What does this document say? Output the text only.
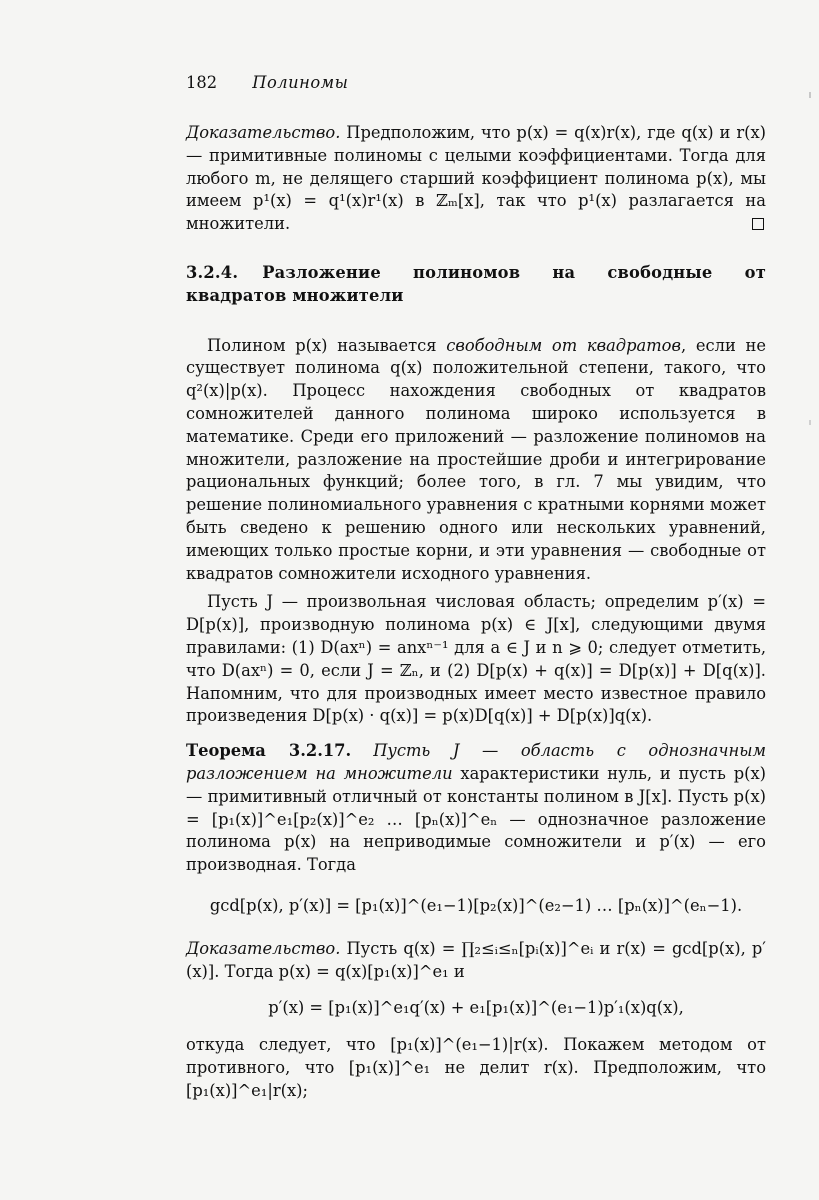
182 Полиномы

Доказательство. Предположим, что p(x) = q(x)r(x), где q(x) и r(x) — примитивные полиномы с целыми коэффициентами. Тогда для любого m, не делящего старший коэффициент полинома p(x), мы имеем p¹(x) = q¹(x)r¹(x) в ℤₘ[x], так что p¹(x) разлагается на множители.

3.2.4. Разложение полиномов на свободные от квадратов множители

Полином p(x) называется свободным от квадратов, если не существует полинома q(x) положительной степени, такого, что q²(x)|p(x). Процесс нахождения свободных от квадратов сомножителей данного полинома широко используется в математике. Среди его приложений — разложение полиномов на множители, разложение на простейшие дроби и интегрирование рациональных функций; более того, в гл. 7 мы увидим, что решение полиномиального уравнения с кратными корнями может быть сведено к решению одного или нескольких уравнений, имеющих только простые корни, и эти уравнения — свободные от квадратов сомножители исходного уравнения.

Пусть J — произвольная числовая область; определим p′(x) = D[p(x)], производную полинома p(x) ∈ J[x], следующими двумя правилами: (1) D(axⁿ) = anxⁿ⁻¹ для a ∈ J и n ⩾ 0; следует отметить, что D(axⁿ) = 0, если J = ℤₙ, и (2) D[p(x) + q(x)] = D[p(x)] + D[q(x)]. Напомним, что для производных имеет место известное правило произведения D[p(x) · q(x)] = p(x)D[q(x)] + D[p(x)]q(x).

Теорема 3.2.17. Пусть J — область с однозначным разложением на множители характеристики нуль, и пусть p(x) — примитивный отличный от константы полином в J[x]. Пусть p(x) = [p₁(x)]^e₁[p₂(x)]^e₂ … [pₙ(x)]^eₙ — однозначное разложение полинома p(x) на неприводимые сомножители и p′(x) — его производная. Тогда

gcd[p(x), p′(x)] = [p₁(x)]^(e₁−1)[p₂(x)]^(e₂−1) … [pₙ(x)]^(eₙ−1).

Доказательство. Пусть q(x) = ∏₂≤ᵢ≤ₙ[pᵢ(x)]^eᵢ и r(x) = gcd[p(x), p′(x)]. Тогда p(x) = q(x)[p₁(x)]^e₁ и

p′(x) = [p₁(x)]^e₁q′(x) + e₁[p₁(x)]^(e₁−1)p′₁(x)q(x),

откуда следует, что [p₁(x)]^(e₁−1)|r(x). Покажем методом от противного, что [p₁(x)]^e₁ не делит r(x). Предположим, что [p₁(x)]^e₁|r(x);
